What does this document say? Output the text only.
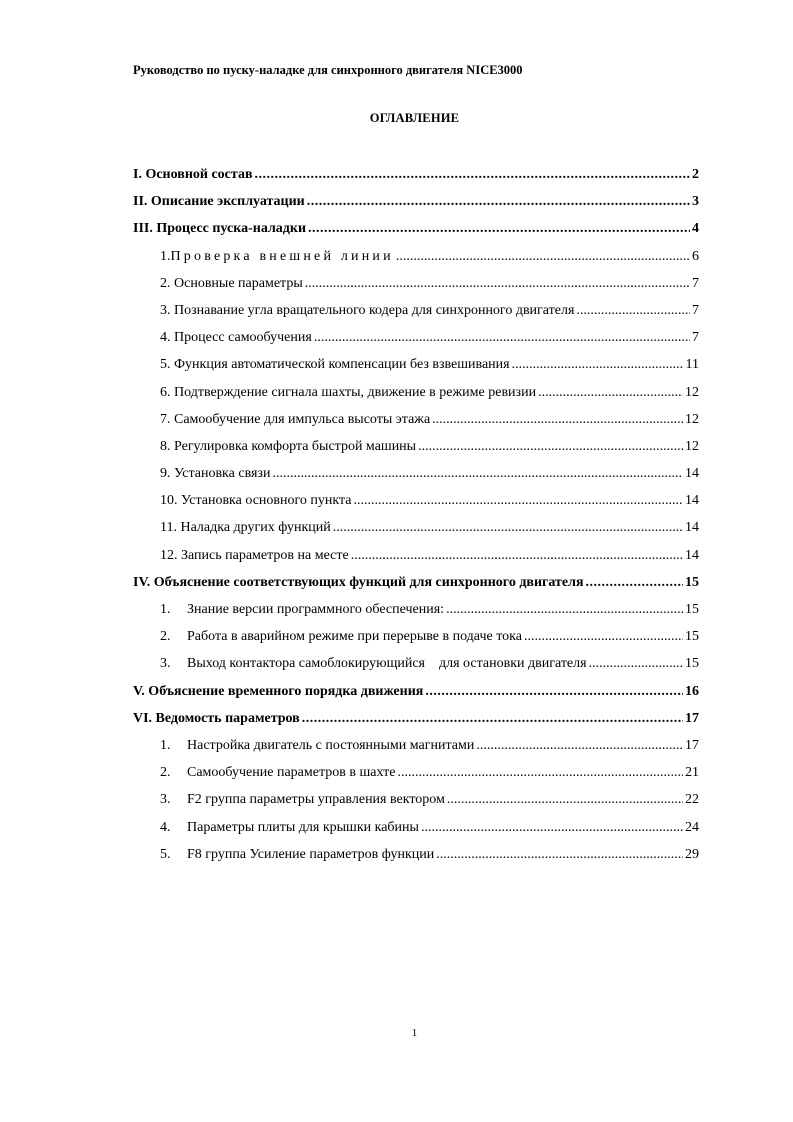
Руководство по пуску-наладке для синхронного двигателя NICE3000
ОГЛАВЛЕНИЕ
I. Основной состав .....	2
II. Описание эксплуатации .....	3
III. Процесс пуска-наладки .....	4
1.Проверка внешней линии .....	6
2. Основные параметры .....	7
3. Познавание угла вращательного кодера для синхронного двигателя .....	7
4. Процесс самообучения .....	7
5. Функция автоматической компенсации без взвешивания .....	11
6. Подтверждение сигнала шахты, движение в режиме ревизии .....	12
7. Самообучение для импульса высоты этажа .....	12
8. Регулировка комфорта быстрой машины .....	12
9. Установка связи .....	14
10. Установка основного пункта .....	14
11. Наладка других функций .....	14
12. Запись параметров на месте .....	14
IV. Объяснение соответствующих функций для синхронного двигателя .....	15
1. Знание версии программного обеспечения: .....	15
2. Работа в аварийном режиме при перерыве в подаче тока .....	15
3. Выход контактора самоблокирующийся    для остановки двигателя .....	15
V. Объяснение временного порядка движения .....	16
VI. Ведомость параметров .....	17
1. Настройка двигатель с постоянными магнитами .....	17
2. Самообучение параметров в шахте .....	21
3. F2 группа параметры управления вектором .....	22
4. Параметры плиты для крышки кабины .....	24
5. F8 группа Усиление параметров функции .....	29
1
